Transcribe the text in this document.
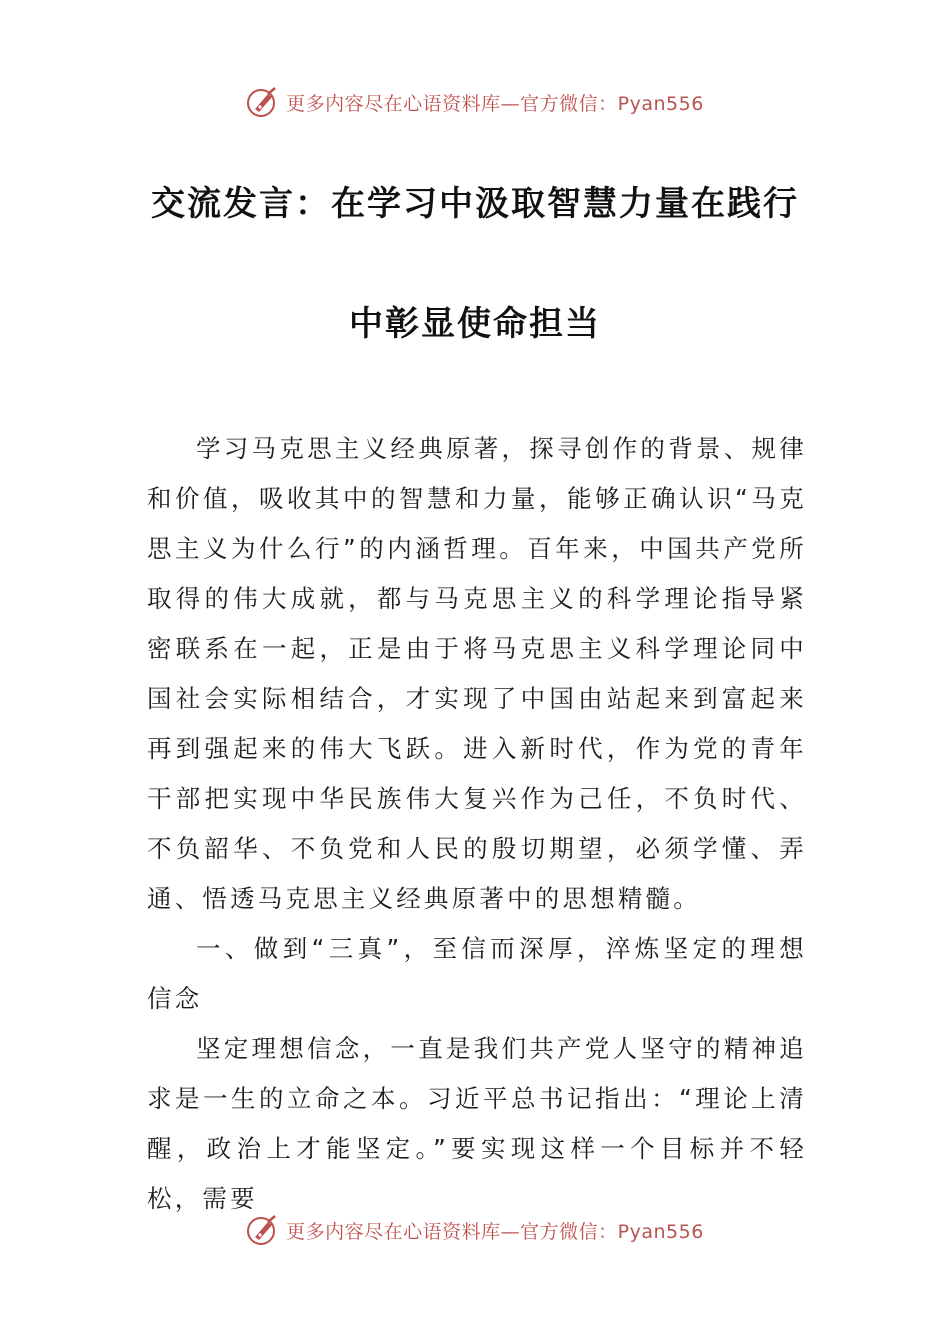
更多内容尽在心语资料库—官方微信：Pyan556
交流发言：在学习中汲取智慧力量在践行
中彰显使命担当

学习马克思主义经典原著，探寻创作的背景、规律和价值，吸收其中的智慧和力量，能够正确认识“马克思主义为什么行”的内涵哲理。百年来，中国共产党所取得的伟大成就，都与马克思主义的科学理论指导紧密联系在一起，正是由于将马克思主义科学理论同中国社会实际相结合，才实现了中国由站起来到富起来再到强起来的伟大飞跃。进入新时代，作为党的青年干部把实现中华民族伟大复兴作为己任，不负时代、不负韶华、不负党和人民的殷切期望，必须学懂、弄通、悟透马克思主义经典原著中的思想精髓。

一、做到“三真”，至信而深厚，淬炼坚定的理想信念

坚定理想信念，一直是我们共产党人坚守的精神追求是一生的立命之本。习近平总书记指出：“理论上清醒，政治上才能坚定。”要实现这样一个目标并不轻松，需要

更多内容尽在心语资料库—官方微信：Pyan556
